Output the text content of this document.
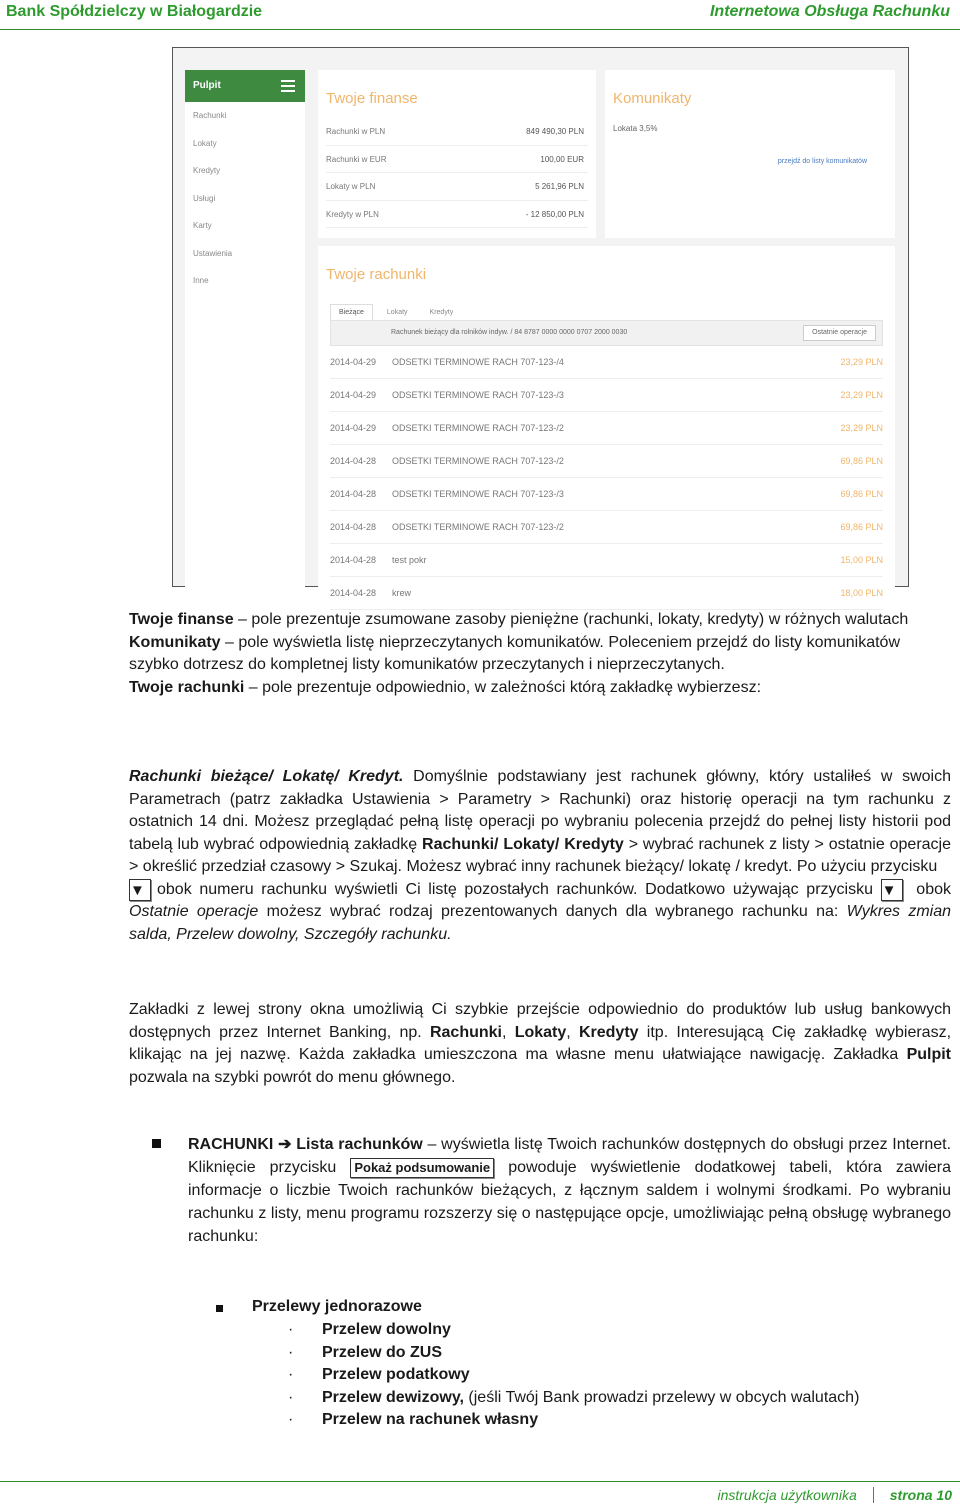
Bank Spółdzielczy w Białogardzie	Internetowa Obsługa Rachunku
Pulpit
Rachunki
Lokaty
Kredyty
Usługi
Karty
Ustawienia
Inne
Twoje finanse
Rachunki w PLN	849 490,30 PLN
Rachunki w EUR	100,00 EUR
Lokaty w PLN	5 261,96 PLN
Kredyty w PLN	- 12 850,00 PLN
Komunikaty
Lokata 3,5%
przejdź do listy komunikatów
Twoje rachunki
Bieżące	Lokaty	Kredyty
Rachunek bieżący dla rolników indyw. / 84 8787 0000 0000 0707 2000 0030	Ostatnie operacje
2014-04-29 ODSETKI TERMINOWE RACH 707-123-/4	23,29 PLN
2014-04-29 ODSETKI TERMINOWE RACH 707-123-/3	23,29 PLN
2014-04-29 ODSETKI TERMINOWE RACH 707-123-/2	23,29 PLN
2014-04-28 ODSETKI TERMINOWE RACH 707-123-/2	69,86 PLN
2014-04-28 ODSETKI TERMINOWE RACH 707-123-/3	69,86 PLN
2014-04-28 ODSETKI TERMINOWE RACH 707-123-/2	69,86 PLN
2014-04-28 test pokr	15,00 PLN
2014-04-28 krew	18,00 PLN
Twoje finanse – pole prezentuje zsumowane zasoby pieniężne (rachunki, lokaty, kredyty) w różnych walutach
Komunikaty – pole wyświetla listę nieprzeczytanych komunikatów. Poleceniem przejdź do listy komunikatów szybko dotrzesz do kompletnej listy komunikatów przeczytanych i nieprzeczytanych.
Twoje rachunki – pole prezentuje odpowiednio, w zależności którą zakładkę wybierzesz:
Rachunki bieżące/ Lokatę/ Kredyt. Domyślnie podstawiany jest rachunek główny, który ustaliłeś w swoich Parametrach (patrz zakładka Ustawienia > Parametry > Rachunki) oraz historię operacji na tym rachunku z ostatnich 14 dni. Możesz przeglądać pełną listę operacji po wybraniu polecenia przejdź do pełnej listy historii pod tabelą lub wybrać odpowiednią zakładkę Rachunki/ Lokaty/ Kredyty > wybrać rachunek z listy > ostatnie operacje > określić przedział czasowy > Szukaj. Możesz wybrać inny rachunek bieżący/ lokatę / kredyt. Po użyciu przycisku
▼ obok numeru rachunku wyświetli Ci listę pozostałych rachunków. Dodatkowo używając przycisku ▼ obok Ostatnie operacje możesz wybrać rodzaj prezentowanych danych dla wybranego rachunku na: Wykres zmian salda, Przelew dowolny, Szczegóły rachunku.
Zakładki z lewej strony okna umożliwią Ci szybkie przejście odpowiednio do produktów lub usług bankowych dostępnych przez Internet Banking, np. Rachunki, Lokaty, Kredyty itp. Interesującą Cię zakładkę wybierasz, klikając na jej nazwę. Każda zakładka umieszczona ma własne menu ułatwiające nawigację. Zakładka Pulpit pozwala na szybki powrót do menu głównego.
RACHUNKI ➔ Lista rachunków – wyświetla listę Twoich rachunków dostępnych do obsługi przez Internet. Kliknięcie przycisku Pokaż podsumowanie powoduje wyświetlenie dodatkowej tabeli, która zawiera informacje o liczbie Twoich rachunków bieżących, z łącznym saldem i wolnymi środkami. Po wybraniu rachunku z listy, menu programu rozszerzy się o następujące opcje, umożliwiając pełną obsługę wybranego rachunku:
Przelewy jednorazowe
· Przelew dowolny
· Przelew do ZUS
· Przelew podatkowy
· Przelew dewizowy, (jeśli Twój Bank prowadzi przelewy w obcych walutach)
· Przelew na rachunek własny
instrukcja użytkownika strona 10
